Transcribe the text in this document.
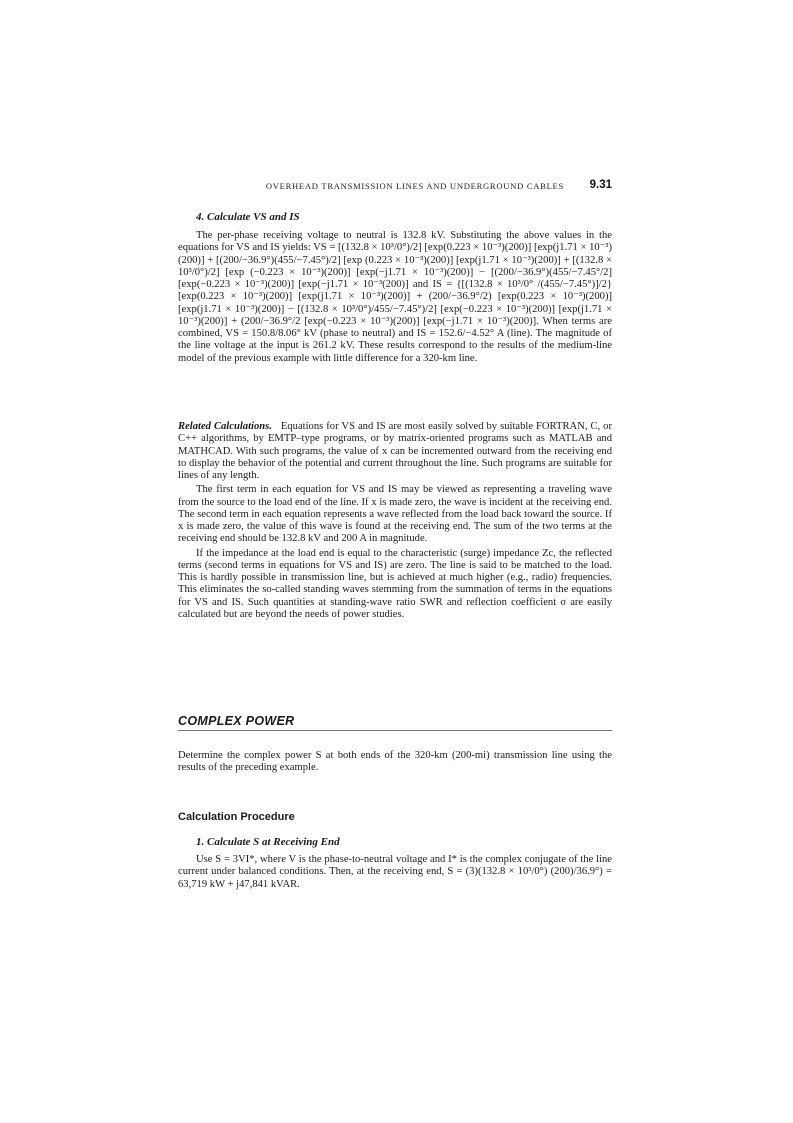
OVERHEAD TRANSMISSION LINES AND UNDERGROUND CABLES 9.31
4. Calculate VS and IS

The per-phase receiving voltage to neutral is 132.8 kV. Substituting the above values in the equations for VS and IS yields: VS = [(132.8 × 10³/0°)/2] [exp(0.223 × 10⁻³)(200)] [exp(j1.71 × 10⁻³)(200)] + [(200/−36.9°)(455/−7.45°)/2] [exp (0.223 × 10⁻³)(200)] [exp(j1.71 × 10⁻³)(200)] + [(132.8 × 10³/0°)/2] [exp (−0.223 × 10⁻³)(200)] [exp(−j1.71 × 10⁻³)(200)] − [(200/−36.9°)(455/−7.45°/2] [exp(−0.223 × 10⁻³)(200)] [exp(−j1.71 × 10⁻³(200)] and IS = {[(132.8 × 10³/0° /(455/−7.45°)]/2} [exp(0.223 × 10⁻³)(200)] [exp(j1.71 × 10⁻³)(200)] + (200/−36.9°/2) [exp(0.223 × 10⁻³)(200)] [exp(j1.71 × 10⁻³)(200)] − [(132.8 × 10³/0°)/455/−7.45°)/2] [exp(−0.223 × 10⁻³)(200)] [exp(j1.71 × 10⁻³)(200)] + (200/−36.9°/2 [exp(−0.223 × 10⁻³)(200)] [exp(−j1.71 × 10⁻³)(200)]. When terms are combined, VS = 150.8/8.06° kV (phase to neutral) and IS = 152.6/−4.52° A (line). The magnitude of the line voltage at the input is 261.2 kV. These results correspond to the results of the medium-line model of the previous example with little difference for a 320-km line.

Related Calculations. Equations for VS and IS are most easily solved by suitable FORTRAN, C, or C++ algorithms, by EMTP–type programs, or by matrix-oriented programs such as MATLAB and MATHCAD. With such programs, the value of x can be incremented outward from the receiving end to display the behavior of the potential and current throughout the line. Such programs are suitable for lines of any length.

The first term in each equation for VS and IS may be viewed as representing a traveling wave from the source to the load end of the line. If x is made zero, the wave is incident at the receiving end. The second term in each equation represents a wave reflected from the load back toward the source. If x is made zero, the value of this wave is found at the receiving end. The sum of the two terms at the receiving end should be 132.8 kV and 200 A in magnitude.

If the impedance at the load end is equal to the characteristic (surge) impedance Zc, the reflected terms (second terms in equations for VS and IS) are zero. The line is said to be matched to the load. This is hardly possible in transmission line, but is achieved at much higher (e.g., radio) frequencies. This eliminates the so-called standing waves stemming from the summation of terms in the equations for VS and IS. Such quantities at standing-wave ratio SWR and reflection coefficient σ are easily calculated but are beyond the needs of power studies.

COMPLEX POWER

Determine the complex power S at both ends of the 320-km (200-mi) transmission line using the results of the preceding example.

Calculation Procedure
1. Calculate S at Receiving End

Use S = 3VI*, where V is the phase-to-neutral voltage and I* is the complex conjugate of the line current under balanced conditions. Then, at the receiving end, S = (3)(132.8 × 10³/0°) (200)/36.9°) = 63,719 kW + j47,841 kVAR.
